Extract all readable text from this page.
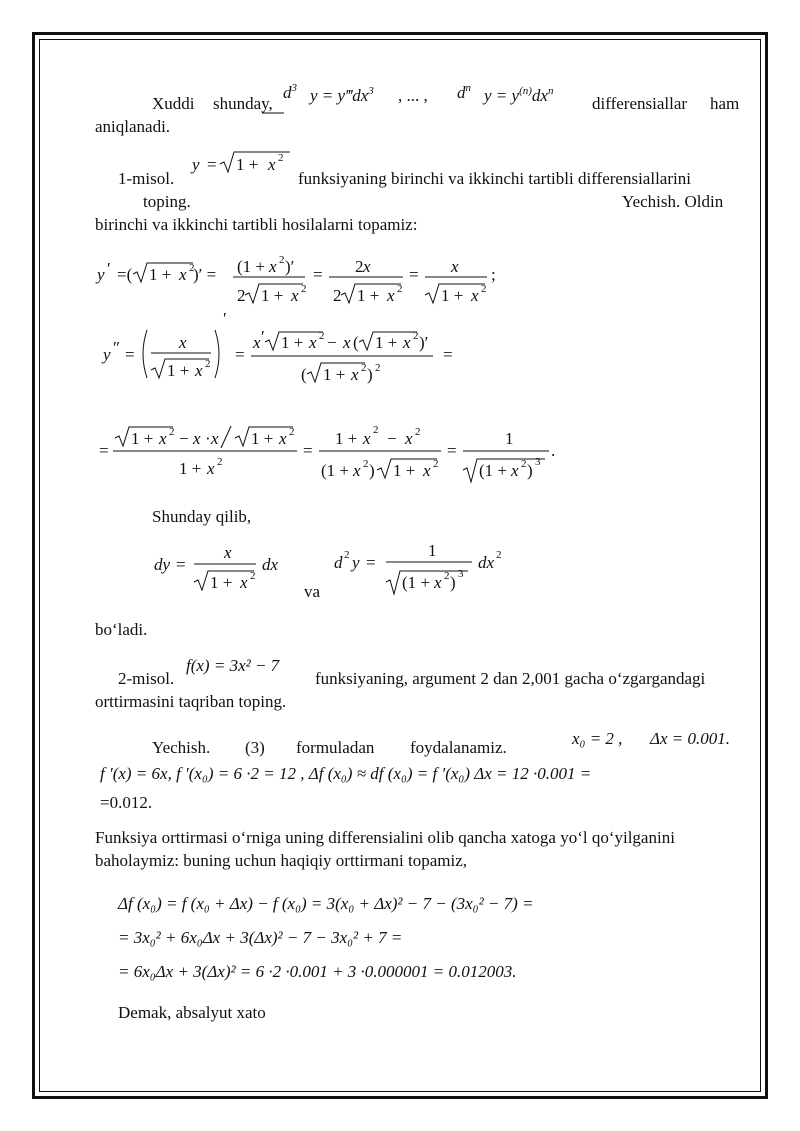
Xuddi shunday,
$d^3$ $y = y‴dx^3$ , ... , $d^n$ $y = y^{(n)}dx^n$
differensiallar ham
aniqlanadi.
1-misol.
y = 1 + x 2
funksiyaning birinchi va ikkinchi tartibli differensiallarini
toping.	Yechish. Oldin
birinchi va ikkinchi tartibli hosilalarni topamiz:
y ′ =( 1 + x 2
)′ = (1 + x 2 )′
2 1 + x 2
= 2 x
2 1 + x 2
= x
1 + x 2
;
y ″ =
x
1 + x 2
′
=
x ′ 1 + x 2 − x ( 1 + x 2 )′
( 1 + x 2 ) 2
=
=
1 + x 2 − x · x 1 + x 2
1 + x 2
=
1 + x 2 − x 2
(1 + x 2 ) 1 + x 2
=
1
(1 + x 2 ) 3
.
Shunday qilib,
dy =
x
1 + x 2
dx
va
d 2 y =
1
(1 + x 2 ) 3
dx 2
bo‘ladi.
2-misol.
f(x) = 3x² − 7
funksiyaning, argument 2 dan 2,001 gacha o‘zgargandagi
orttirmasini taqriban toping.
Yechish. (3) formuladan foydalanamiz.	x₀ = 2 , Δx = 0.001.
f ′(x) = 6x, f ′(x₀) = 6 ·2 = 12 , Δf (x₀) ≈ df (x₀) = f ′(x₀) Δx = 12 ·0.001 =
=0.012.
Funksiya orttirmasi o‘rniga uning differensialini olib qancha xatoga yo‘l qo‘yilganini
baholaymiz: buning uchun haqiqiy orttirmani topamiz,
Δf (x₀) = f (x₀ + Δx) − f (x₀) = 3(x₀ + Δx)² − 7 − (3x₀² − 7) =
= 3x₀² + 6x₀Δx + 3(Δx)² − 7 − 3x₀² + 7 =
= 6x₀Δx + 3(Δx)² = 6 ·2 ·0.001 + 3 ·0.000001 = 0.012003.
Demak, absalyut xato
